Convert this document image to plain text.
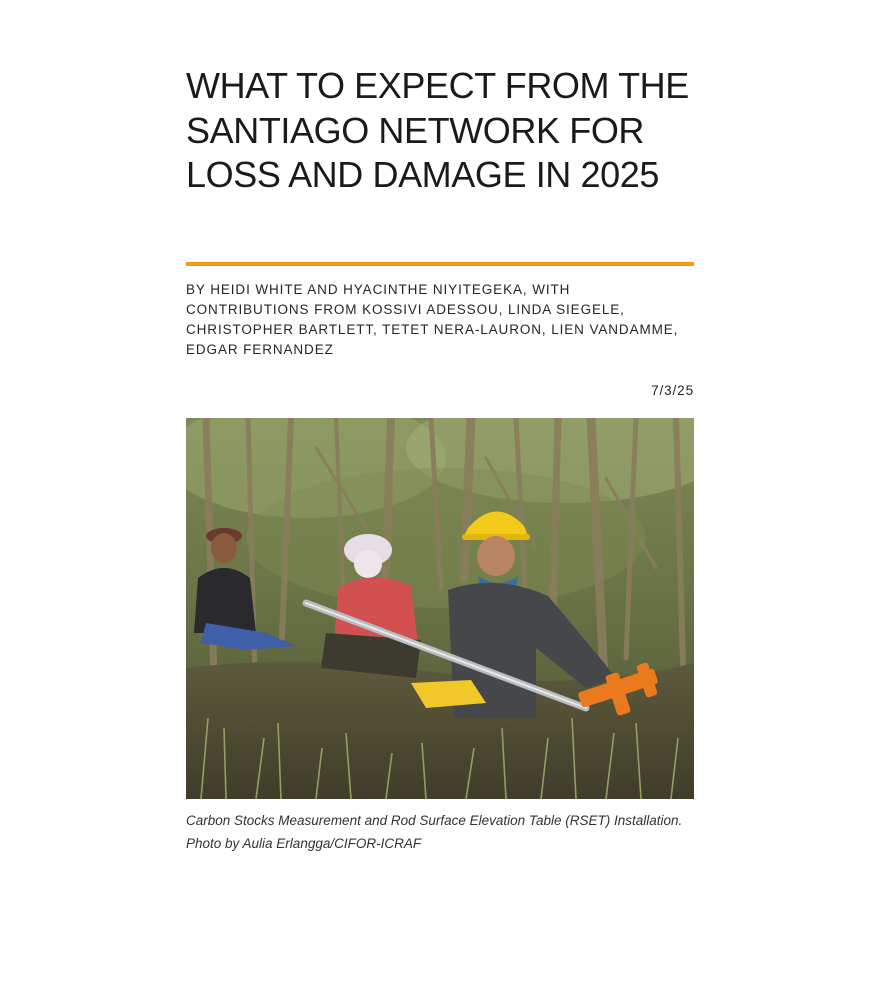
WHAT TO EXPECT FROM THE SANTIAGO NETWORK FOR LOSS AND DAMAGE IN 2025

BY HEIDI WHITE AND HYACINTHE NIYITEGEKA, WITH CONTRIBUTIONS FROM KOSSIVI ADESSOU, LINDA SIEGELE, CHRISTOPHER BARTLETT, TETET NERA-LAURON, LIEN VANDAMME, EDGAR FERNANDEZ

7/3/25

Carbon Stocks Measurement and Rod Surface Elevation Table (RSET) Installation. Photo by Aulia Erlangga/CIFOR-ICRAF
